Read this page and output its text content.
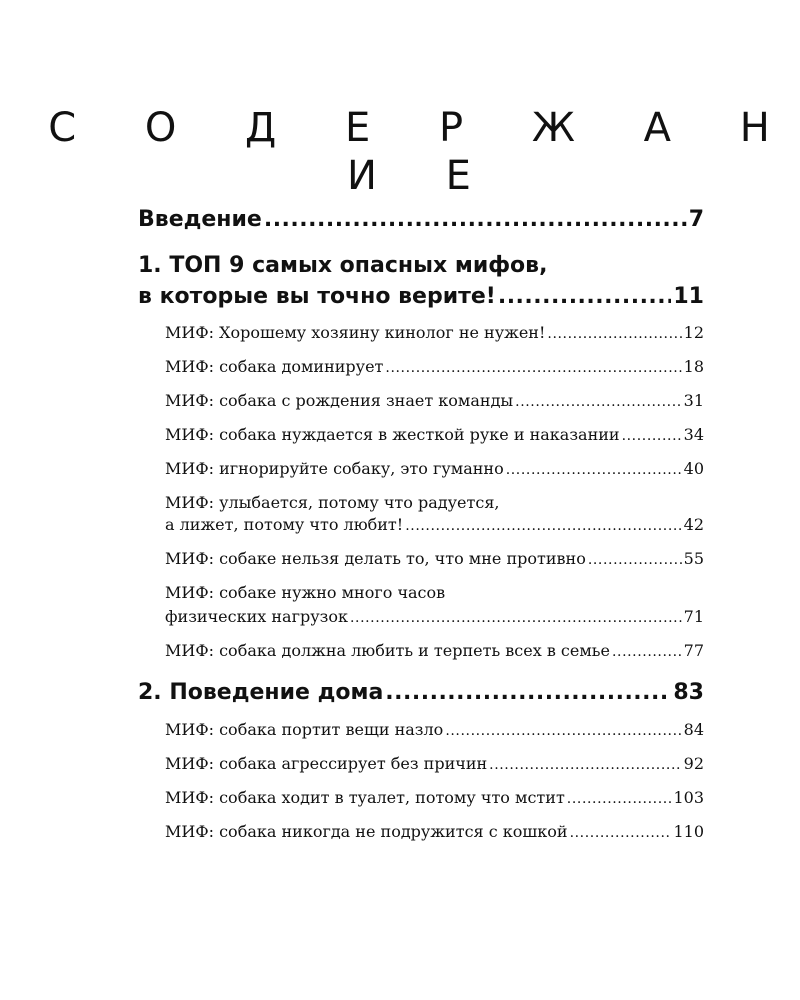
С О Д Е Р Ж А Н И Е
Введение .....	7
1. ТОП 9 самых опасных мифов,
в которые вы точно верите! .....	11
МИФ: Хорошему хозяину кинолог не нужен! .....	12
МИФ: собака доминирует .....	18
МИФ: собака с рождения знает команды .....	31
МИФ: собака нуждается в жесткой руке и наказании .....	34
МИФ: игнорируйте собаку, это гуманно .....	40
МИФ: улыбается, потому что радуется,
а лижет, потому что любит! .....	42
МИФ: собаке нельзя делать то, что мне противно .....	55
МИФ: собаке нужно много часов
физических нагрузок .....	71
МИФ: собака должна любить и терпеть всех в семье .....	77
2. Поведение дома .....	83
МИФ: собака портит вещи назло .....	84
МИФ: собака агрессирует без причин .....	92
МИФ: собака ходит в туалет, потому что мстит .....	103
МИФ: собака никогда не подружится с кошкой .....	110
